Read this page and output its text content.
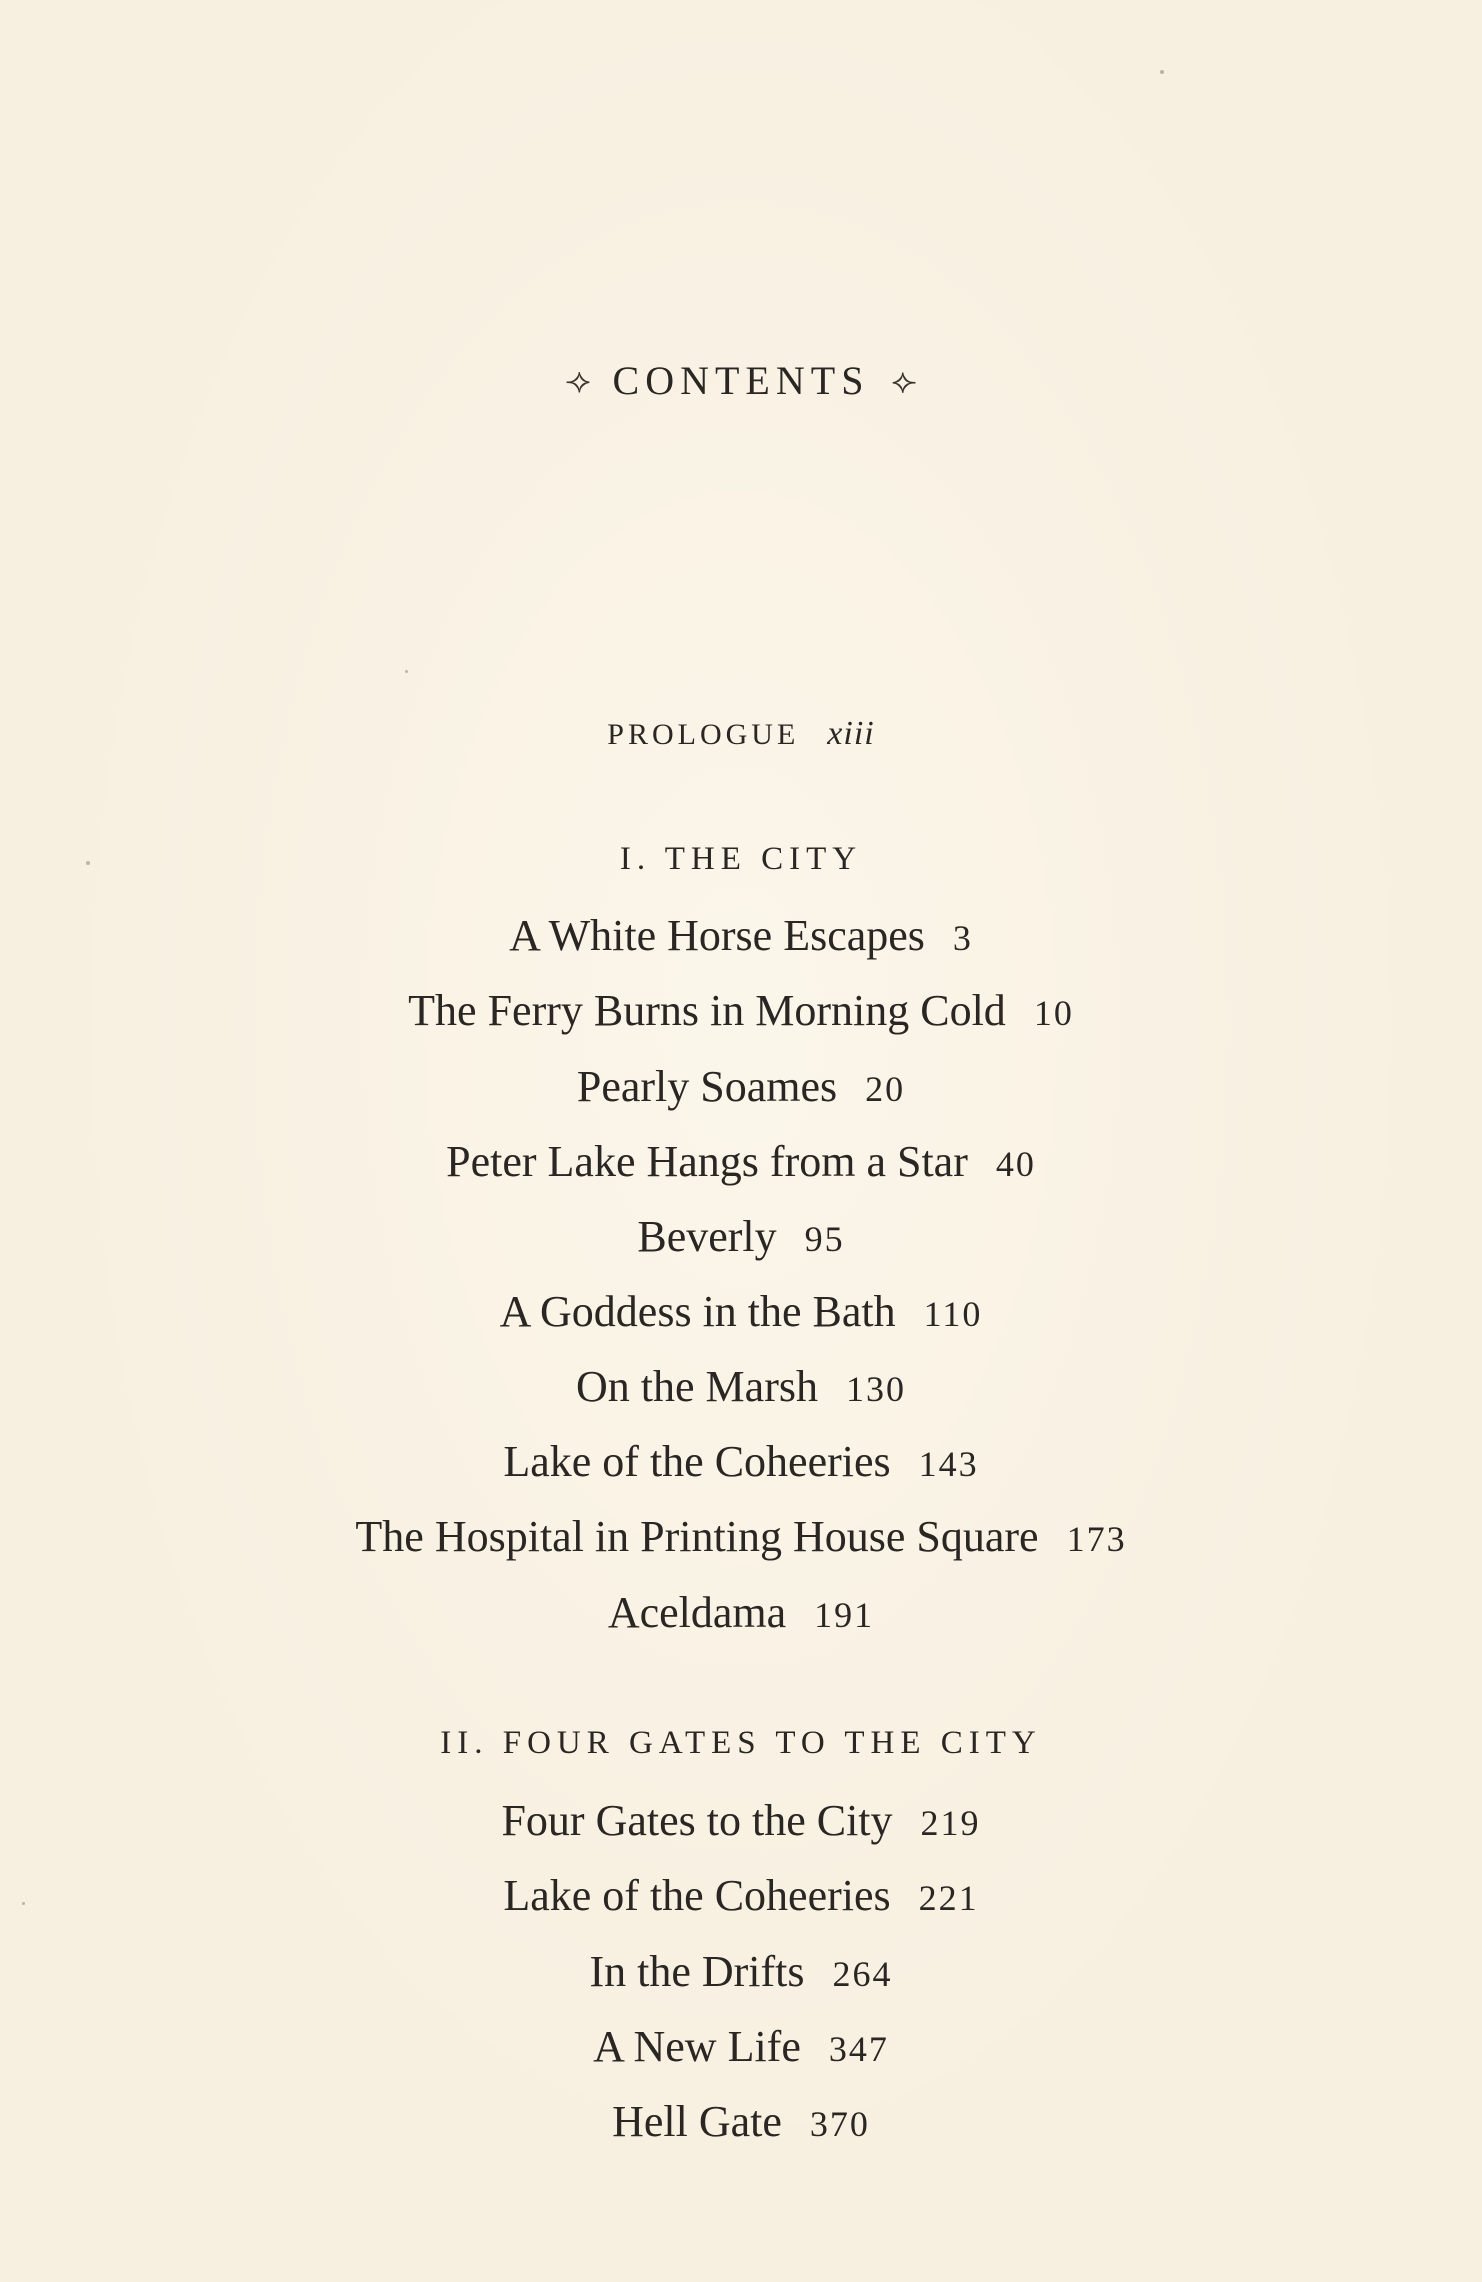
⟢ CONTENTS ⟣
PROLOGUE xiii
I. THE CITY
A White Horse Escapes 3
The Ferry Burns in Morning Cold 10
Pearly Soames 20
Peter Lake Hangs from a Star 40
Beverly 95
A Goddess in the Bath 110
On the Marsh 130
Lake of the Coheeries 143
The Hospital in Printing House Square 173
Aceldama 191
II. FOUR GATES TO THE CITY
Four Gates to the City 219
Lake of the Coheeries 221
In the Drifts 264
A New Life 347
Hell Gate 370
